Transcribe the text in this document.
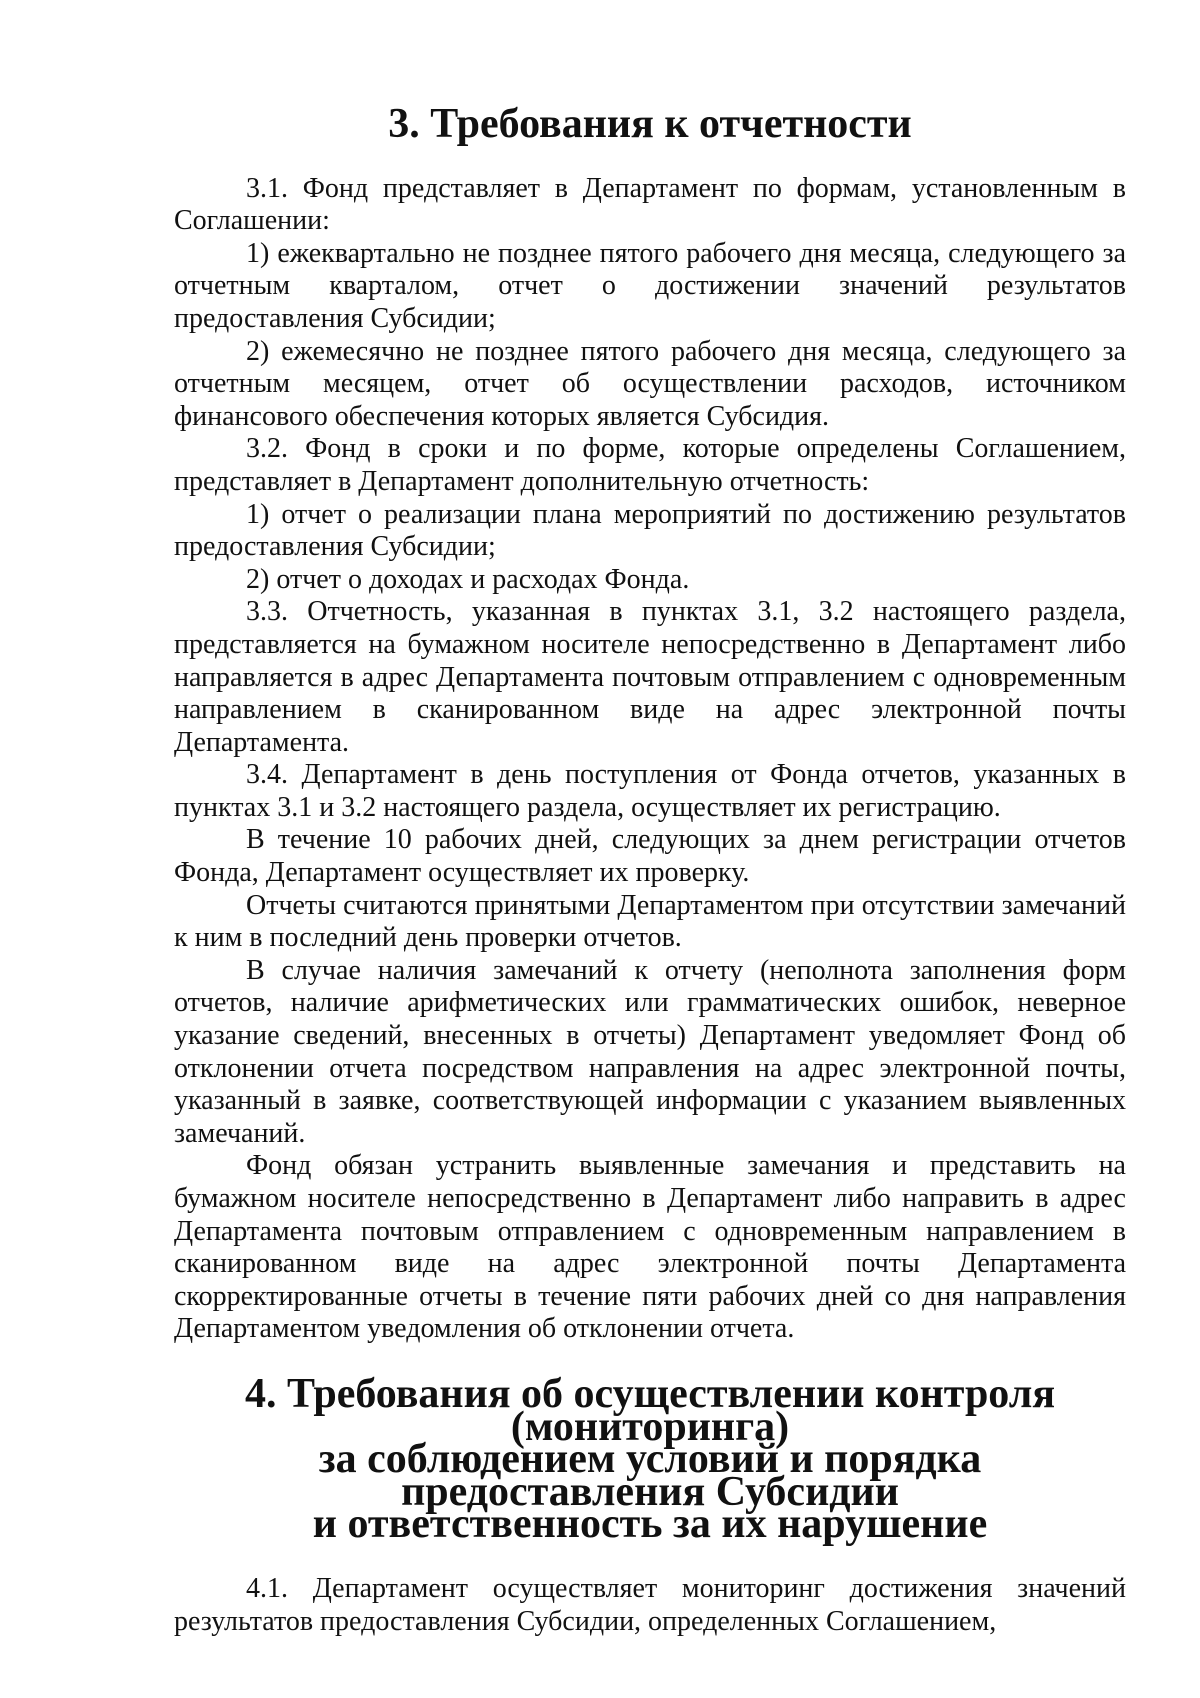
3. Требования к отчетности

3.1. Фонд представляет в Департамент по формам, установленным в Соглашении:

1) ежеквартально не позднее пятого рабочего дня месяца, следующего за отчетным кварталом, отчет о достижении значений результатов предоставления Субсидии;

2) ежемесячно не позднее пятого рабочего дня месяца, следующего за отчетным месяцем, отчет об осуществлении расходов, источником финансового обеспечения которых является Субсидия.

3.2. Фонд в сроки и по форме, которые определены Соглашением, представляет в Департамент дополнительную отчетность:

1) отчет о реализации плана мероприятий по достижению результатов предоставления Субсидии;

2) отчет о доходах и расходах Фонда.

3.3. Отчетность, указанная в пунктах 3.1, 3.2 настоящего раздела, представляется на бумажном носителе непосредственно в Департамент либо направляется в адрес Департамента почтовым отправлением с одновременным направлением в сканированном виде на адрес электронной почты Департамента.

3.4. Департамент в день поступления от Фонда отчетов, указанных в пунктах 3.1 и 3.2 настоящего раздела, осуществляет их регистрацию.

В течение 10 рабочих дней, следующих за днем регистрации отчетов Фонда, Департамент осуществляет их проверку.

Отчеты считаются принятыми Департаментом при отсутствии замечаний к ним в последний день проверки отчетов.

В случае наличия замечаний к отчету (неполнота заполнения форм отчетов, наличие арифметических или грамматических ошибок, неверное указание сведений, внесенных в отчеты) Департамент уведомляет Фонд об отклонении отчета посредством направления на адрес электронной почты, указанный в заявке, соответствующей информации с указанием выявленных замечаний.

Фонд обязан устранить выявленные замечания и представить на бумажном носителе непосредственно в Департамент либо направить в адрес Департамента почтовым отправлением с одновременным направлением в сканированном виде на адрес электронной почты Департамента скорректированные отчеты в течение пяти рабочих дней со дня направления Департаментом уведомления об отклонении отчета.

4. Требования об осуществлении контроля (мониторинга)
за соблюдением условий и порядка предоставления Субсидии
и ответственность за их нарушение

4.1. Департамент осуществляет мониторинг достижения значений результатов предоставления Субсидии, определенных Соглашением,
